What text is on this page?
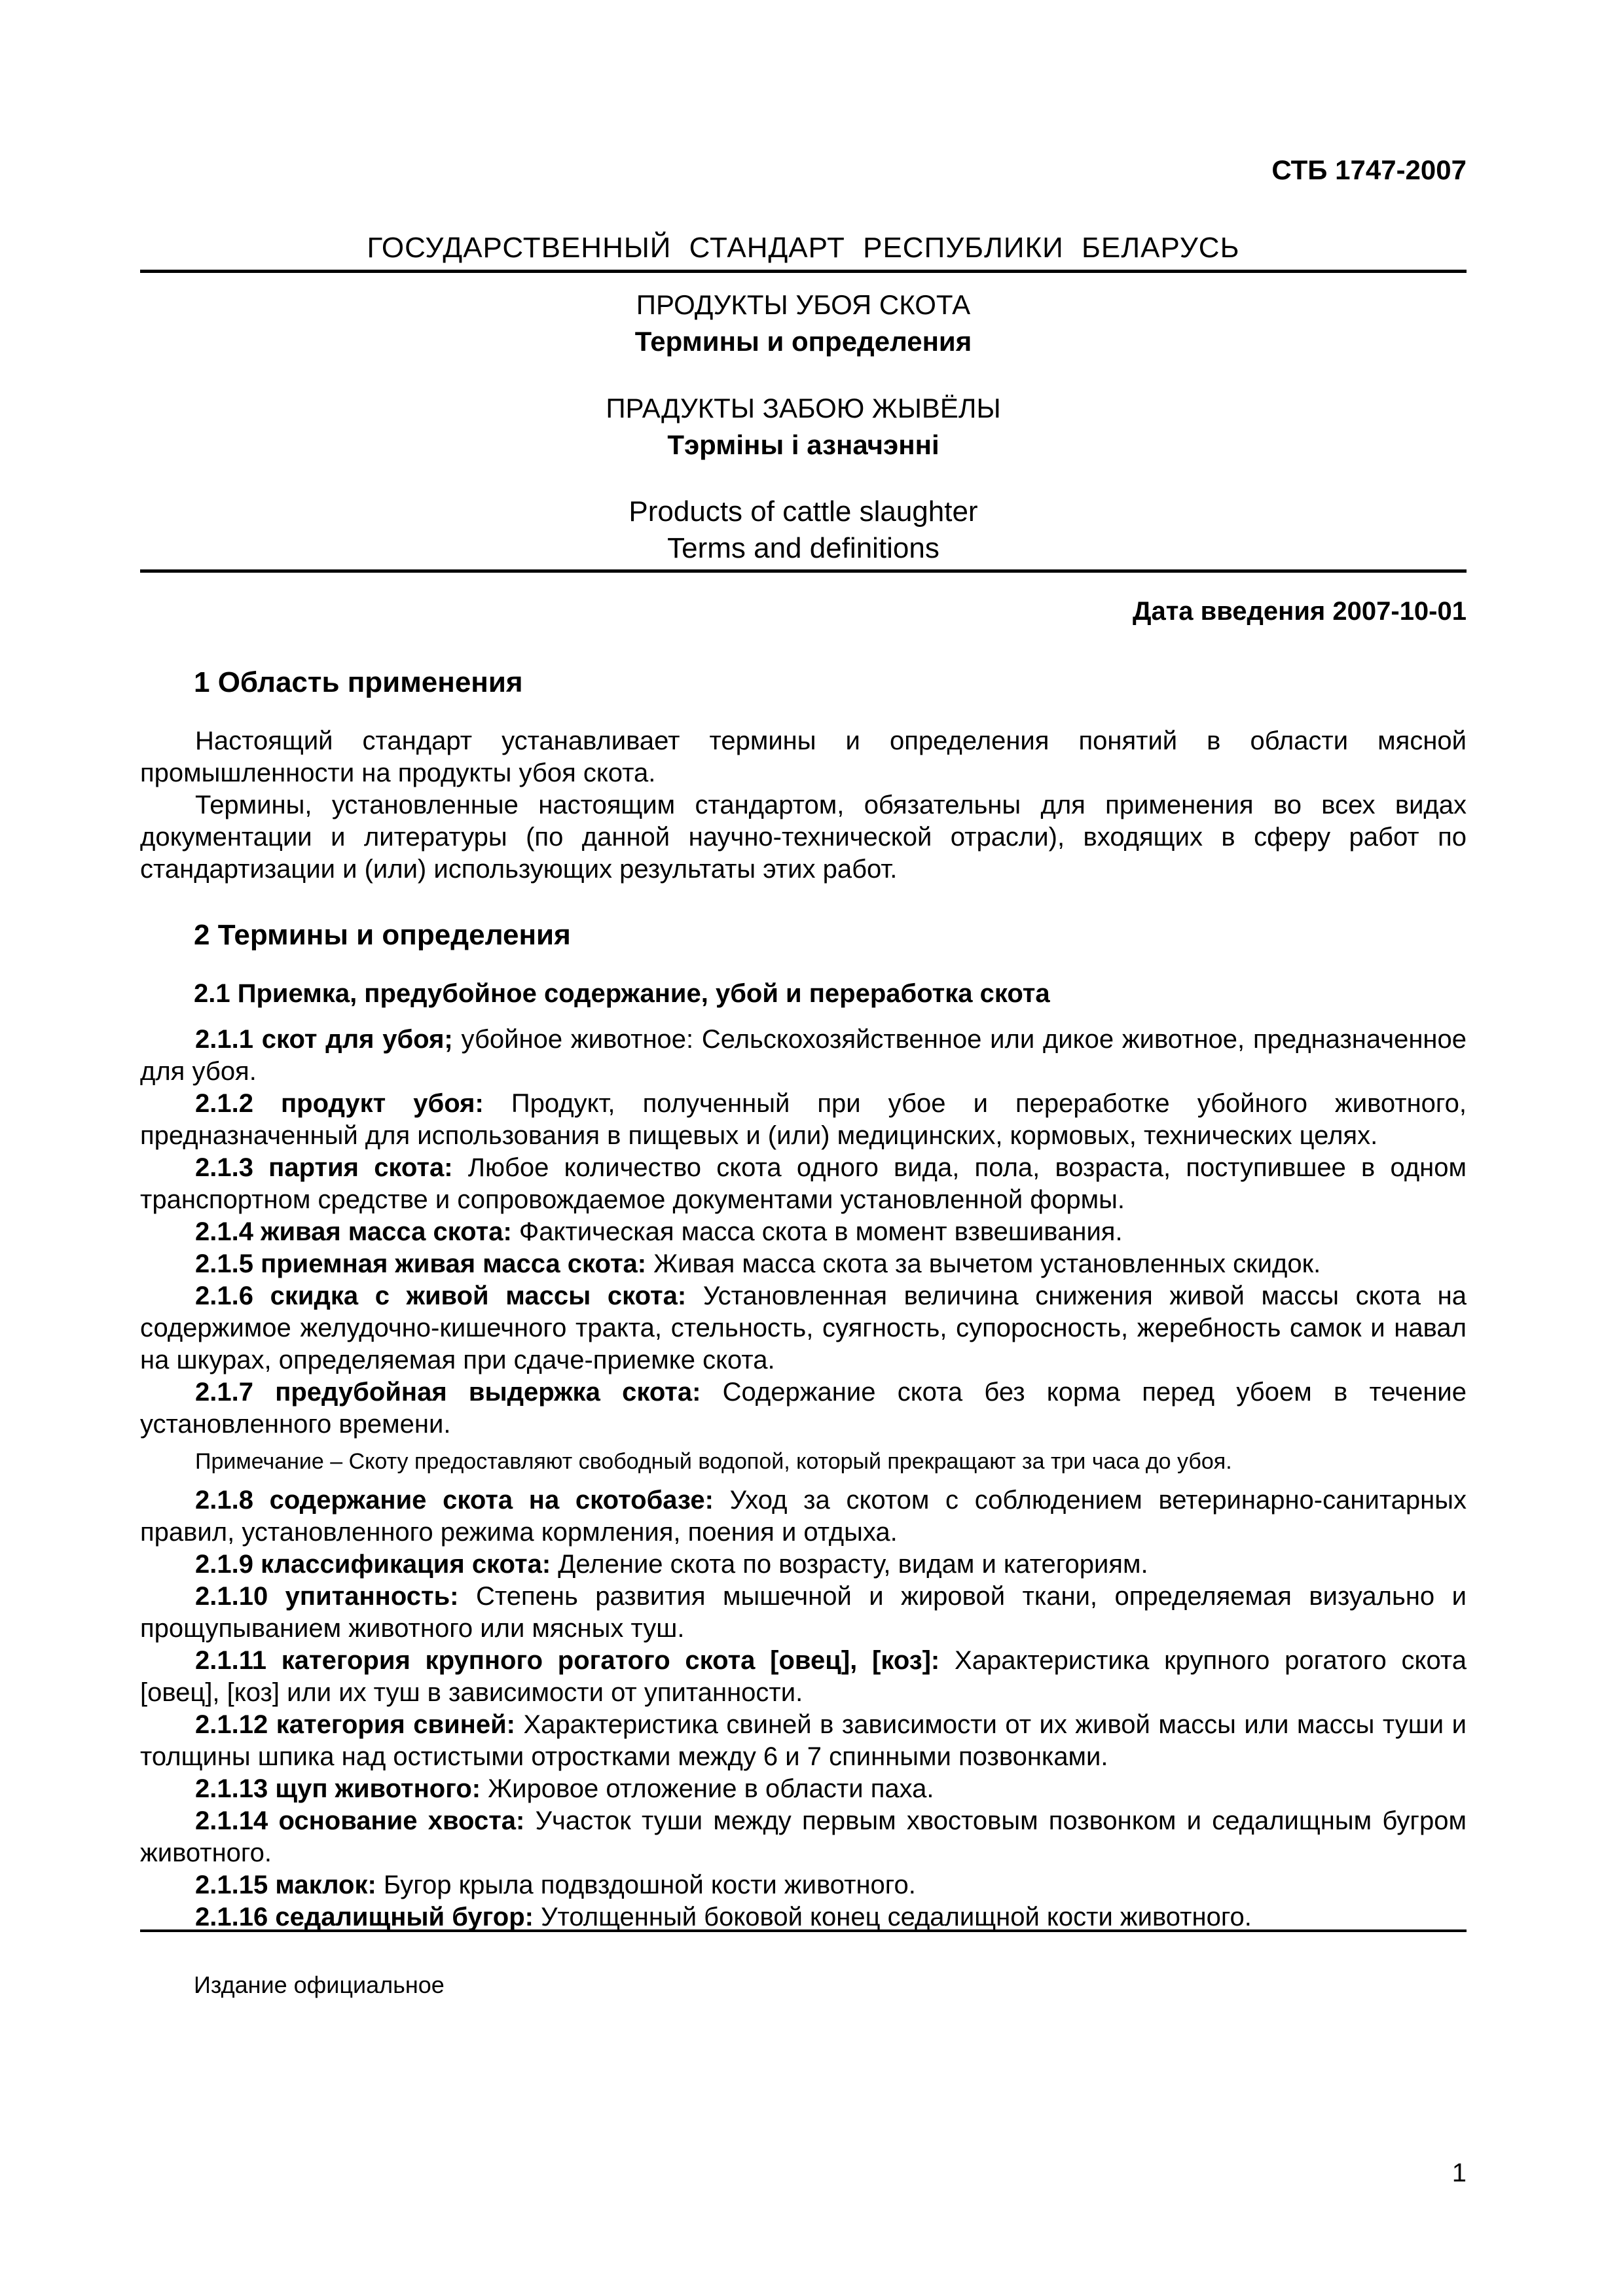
СТБ 1747-2007
ГОСУДАРСТВЕННЫЙ СТАНДАРТ РЕСПУБЛИКИ БЕЛАРУСЬ
ПРОДУКТЫ УБОЯ СКОТА
Термины и определения
ПРАДУКТЫ ЗАБОЮ ЖЫВЁЛЫ
Тэрміны і азначэнні
Products of cattle slaughter
Terms and definitions
Дата введения 2007-10-01
1 Область применения

Настоящий стандарт устанавливает термины и определения понятий в области мясной промышленности на продукты убоя скота.

Термины, установленные настоящим стандартом, обязательны для применения во всех видах документации и литературы (по данной научно-технической отрасли), входящих в сферу работ по стандартизации и (или) использующих результаты этих работ.

2 Термины и определения
2.1 Приемка, предубойное содержание, убой и переработка скота

2.1.1 скот для убоя; убойное животное: Сельскохозяйственное или дикое животное, предназначенное для убоя.

2.1.2 продукт убоя: Продукт, полученный при убое и переработке убойного животного, предназначенный для использования в пищевых и (или) медицинских, кормовых, технических целях.

2.1.3 партия скота: Любое количество скота одного вида, пола, возраста, поступившее в одном транспортном средстве и сопровождаемое документами установленной формы.

2.1.4 живая масса скота: Фактическая масса скота в момент взвешивания.

2.1.5 приемная живая масса скота: Живая масса скота за вычетом установленных скидок.

2.1.6 скидка с живой массы скота: Установленная величина снижения живой массы скота на содержимое желудочно-кишечного тракта, стельность, суягность, супоросность, жеребность самок и навал на шкурах, определяемая при сдаче-приемке скота.

2.1.7 предубойная выдержка скота: Содержание скота без корма перед убоем в течение установленного времени.

Примечание – Скоту предоставляют свободный водопой, который прекращают за три часа до убоя.

2.1.8 содержание скота на скотобазе: Уход за скотом с соблюдением ветеринарно-санитарных правил, установленного режима кормления, поения и отдыха.

2.1.9 классификация скота: Деление скота по возрасту, видам и категориям.

2.1.10 упитанность: Степень развития мышечной и жировой ткани, определяемая визуально и прощупыванием животного или мясных туш.

2.1.11 категория крупного рогатого скота [овец], [коз]: Характеристика крупного рогатого скота [овец], [коз] или их туш в зависимости от упитанности.

2.1.12 категория свиней: Характеристика свиней в зависимости от их живой массы или массы туши и толщины шпика над остистыми отростками между 6 и 7 спинными позвонками.

2.1.13 щуп животного: Жировое отложение в области паха.

2.1.14 основание хвоста: Участок туши между первым хвостовым позвонком и седалищным бугром животного.

2.1.15 маклок: Бугор крыла подвздошной кости животного.

2.1.16 седалищный бугор: Утолщенный боковой конец седалищной кости животного.

Издание официальное
1
